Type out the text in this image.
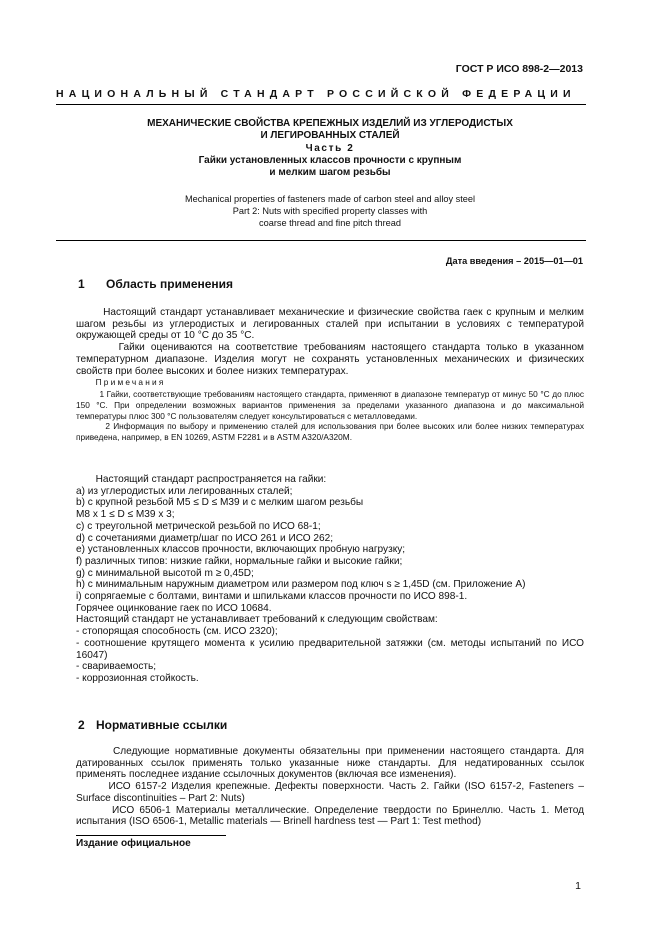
ГОСТ Р ИСО 898-2—2013
НАЦИОНАЛЬНЫЙ СТАНДАРТ РОССИЙСКОЙ ФЕДЕРАЦИИ
МЕХАНИЧЕСКИЕ СВОЙСТВА КРЕПЕЖНЫХ ИЗДЕЛИЙ ИЗ УГЛЕРОДИСТЫХ
И ЛЕГИРОВАННЫХ СТАЛЕЙ
Часть 2
Гайки установленных классов прочности с крупным
и мелким шагом резьбы
Mechanical properties of fasteners made of carbon steel and alloy steel
Part 2: Nuts with specified property classes with
coarse thread and fine pitch thread
Дата введения – 2015—01—01
1 Область применения

Настоящий стандарт устанавливает механические и физические свойства гаек с крупным и мелким шагом резьбы из углеродистых и легированных сталей при испытании в условиях с температурой окружающей среды от 10 °C до 35 °C.

Гайки оцениваются на соответствие требованиям настоящего стандарта только в указанном температурном диапазоне. Изделия могут не сохранять установленных механических и физических свойств при более высоких и более низких температурах.

Примечания

1 Гайки, соответствующие требованиям настоящего стандарта, применяют в диапазоне температур от минус 50 °C до плюс 150 °C. При определении возможных вариантов применения за пределами указанного диапазона и до максимальной температуры плюс 300 °C пользователям следует консультироваться с металловедами.

2 Информация по выбору и применению сталей для использования при более высоких или более низких температурах приведена, например, в EN 10269, ASTM F2281 и в ASTM A320/A320M.

Настоящий стандарт распространяется на гайки:
а) из углеродистых или легированных сталей;
b) с крупной резьбой M5 ≤ D ≤ M39 и с мелким шагом резьбы
M8 x 1 ≤ D ≤ M39 x 3;
c) с треугольной метрической резьбой по ИСО 68-1;
d) с сочетаниями диаметр/шаг по ИСО 261 и ИСО 262;
e) установленных классов прочности, включающих пробную нагрузку;
f) различных типов: низкие гайки, нормальные гайки и высокие гайки;
g) с минимальной высотой m ≥ 0,45D;
h) с минимальным наружным диаметром или размером под ключ s ≥ 1,45D (см. Приложение А)
i) сопрягаемые с болтами, винтами и шпильками классов прочности по ИСО 898-1.
Горячее оцинкование гаек по ИСО 10684.
Настоящий стандарт не устанавливает требований к следующим свойствам:
- стопорящая способность (см. ИСО 2320);
- соотношение крутящего момента к усилию предварительной затяжки (см. методы испытаний по ИСО 16047)
- свариваемость;
- коррозионная стойкость.
2 Нормативные ссылки

Следующие нормативные документы обязательны при применении настоящего стандарта. Для датированных ссылок применять только указанные ниже стандарты. Для недатированных ссылок применять последнее издание ссылочных документов (включая все изменения).

ИСО 6157-2 Изделия крепежные. Дефекты поверхности. Часть 2. Гайки (ISO 6157-2, Fasteners – Surface discontinuities – Part 2: Nuts)

ИСО 6506-1 Материалы металлические. Определение твердости по Бринеллю. Часть 1. Метод испытания (ISO 6506-1, Metallic materials — Brinell hardness test — Part 1: Test method)

Издание официальное
1
